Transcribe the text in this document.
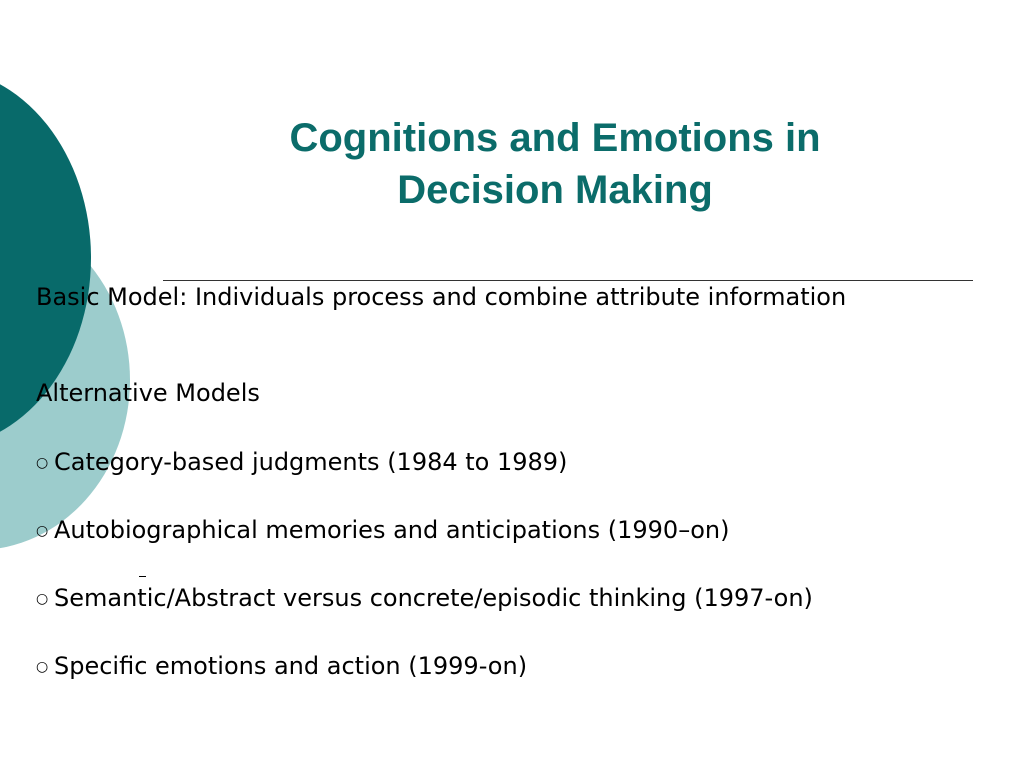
Cognitions and Emotions in
Decision Making

Basic Model: Individuals process and combine attribute information

Alternative Models

○ Category-based judgments (1984 to 1989)
○ Autobiographical memories and anticipations (1990–on)
○ Semantic/Abstract versus concrete/episodic thinking (1997-on)
○ Specific emotions and action (1999-on)
